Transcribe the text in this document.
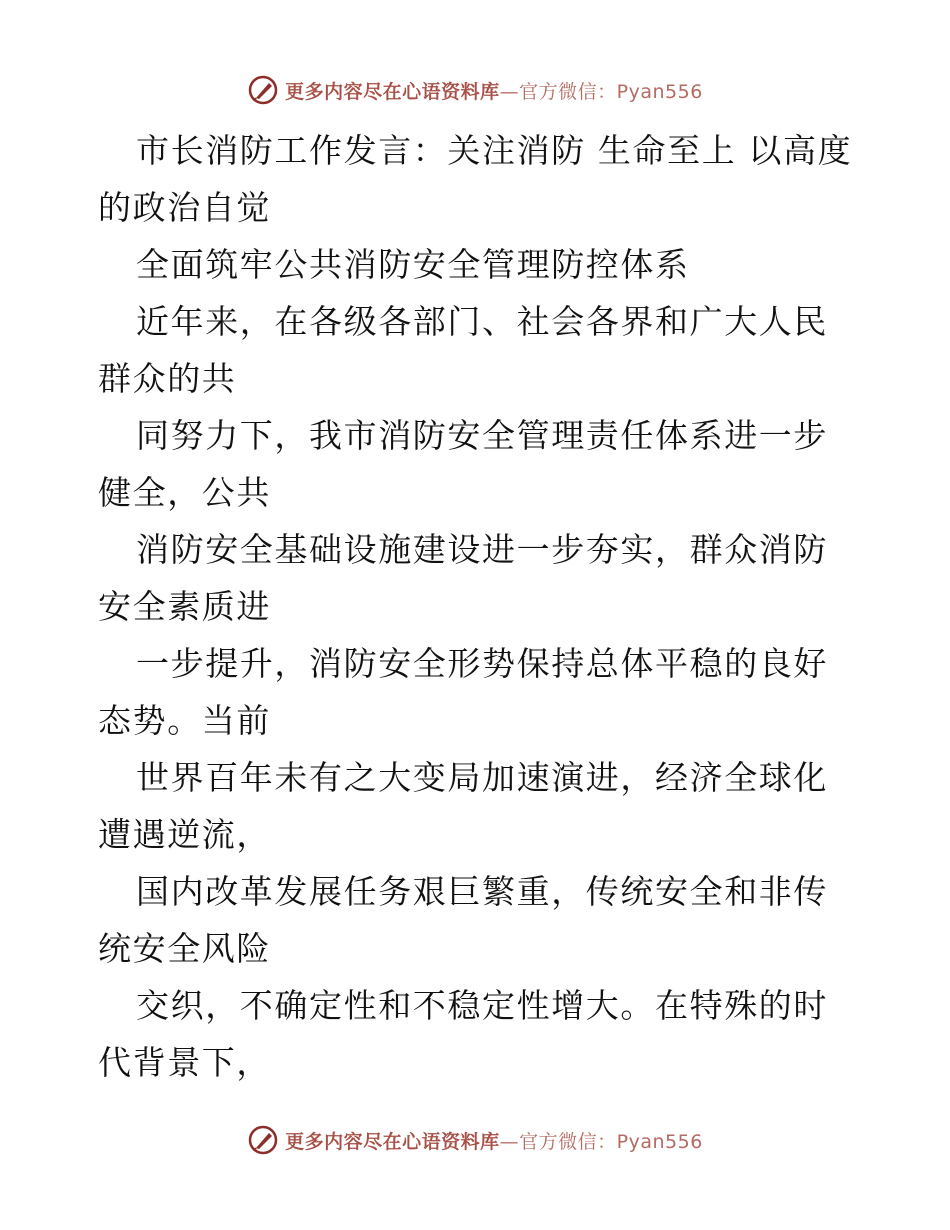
更多内容尽在心语资料库—官方微信：Pyan556

市长消防工作发言：关注消防 生命至上 以高度的政治自觉

全面筑牢公共消防安全管理防控体系

近年来，在各级各部门、社会各界和广大人民群众的共

同努力下，我市消防安全管理责任体系进一步健全，公共

消防安全基础设施建设进一步夯实，群众消防安全素质进

一步提升，消防安全形势保持总体平稳的良好态势。当前

世界百年未有之大变局加速演进，经济全球化遭遇逆流，

国内改革发展任务艰巨繁重，传统安全和非传统安全风险

交织，不确定性和不稳定性增大。在特殊的时代背景下，

更多内容尽在心语资料库—官方微信：Pyan556
